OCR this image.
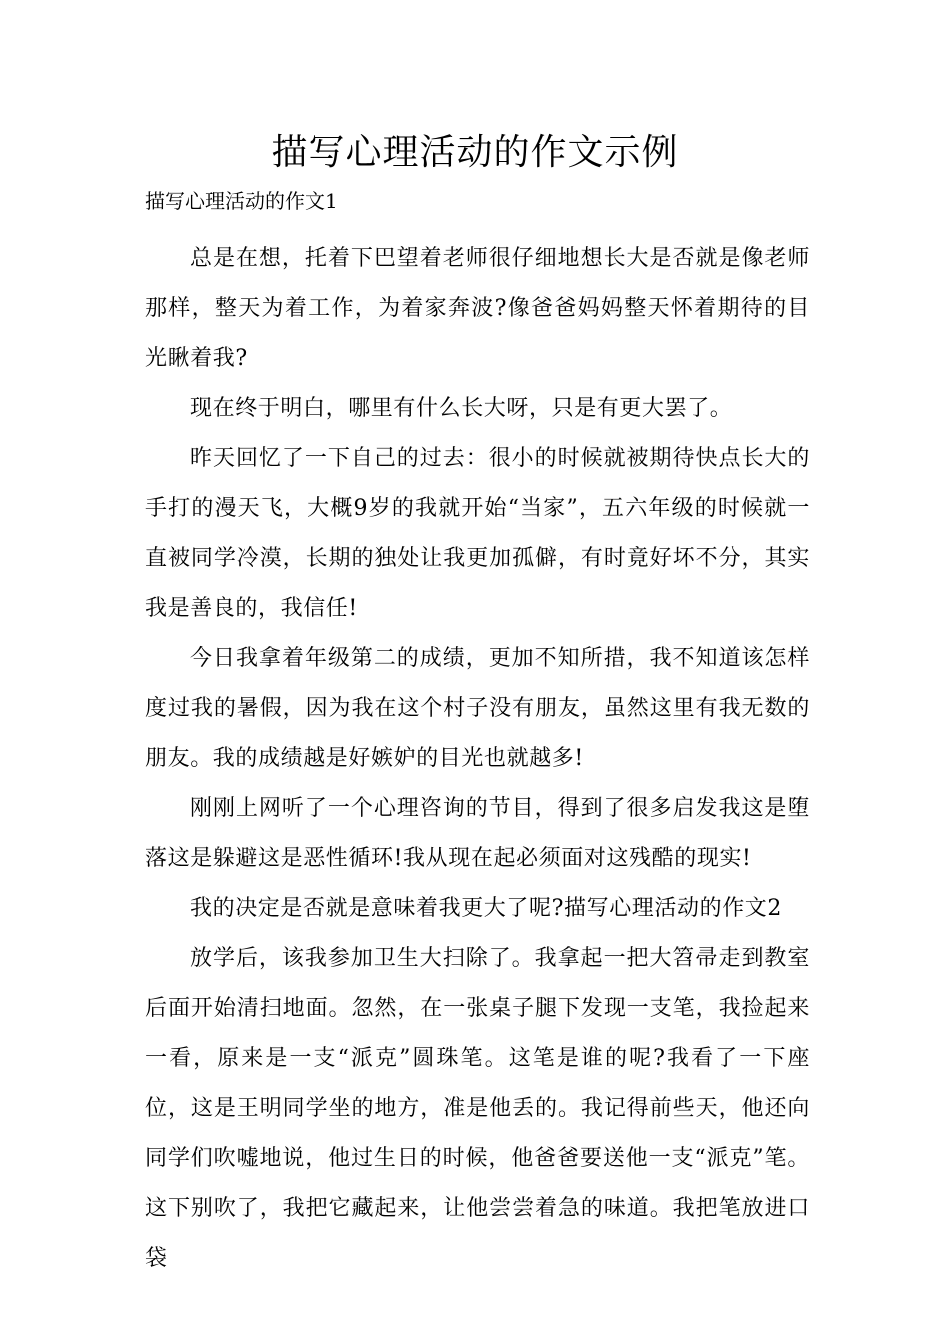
描写心理活动的作文示例
描写心理活动的作文1

总是在想，托着下巴望着老师很仔细地想长大是否就是像老师那样，整天为着工作，为着家奔波?像爸爸妈妈整天怀着期待的目光瞅着我?

现在终于明白，哪里有什么长大呀，只是有更大罢了。

昨天回忆了一下自己的过去：很小的时候就被期待快点长大的手打的漫天飞，大概9岁的我就开始“当家”，五六年级的时候就一直被同学冷漠，长期的独处让我更加孤僻，有时竟好坏不分，其实我是善良的，我信任!

今日我拿着年级第二的成绩，更加不知所措，我不知道该怎样度过我的暑假，因为我在这个村子没有朋友，虽然这里有我无数的朋友。我的成绩越是好嫉妒的目光也就越多!

刚刚上网听了一个心理咨询的节目，得到了很多启发我这是堕落这是躲避这是恶性循环!我从现在起必须面对这残酷的现实!

我的决定是否就是意味着我更大了呢?描写心理活动的作文2

放学后，该我参加卫生大扫除了。我拿起一把大笤帚走到教室后面开始清扫地面。忽然，在一张桌子腿下发现一支笔，我捡起来一看，原来是一支“派克”圆珠笔。这笔是谁的呢?我看了一下座位，这是王明同学坐的地方，准是他丢的。我记得前些天，他还向同学们吹嘘地说，他过生日的时候，他爸爸要送他一支“派克”笔。这下别吹了，我把它藏起来，让他尝尝着急的味道。我把笔放进口袋
